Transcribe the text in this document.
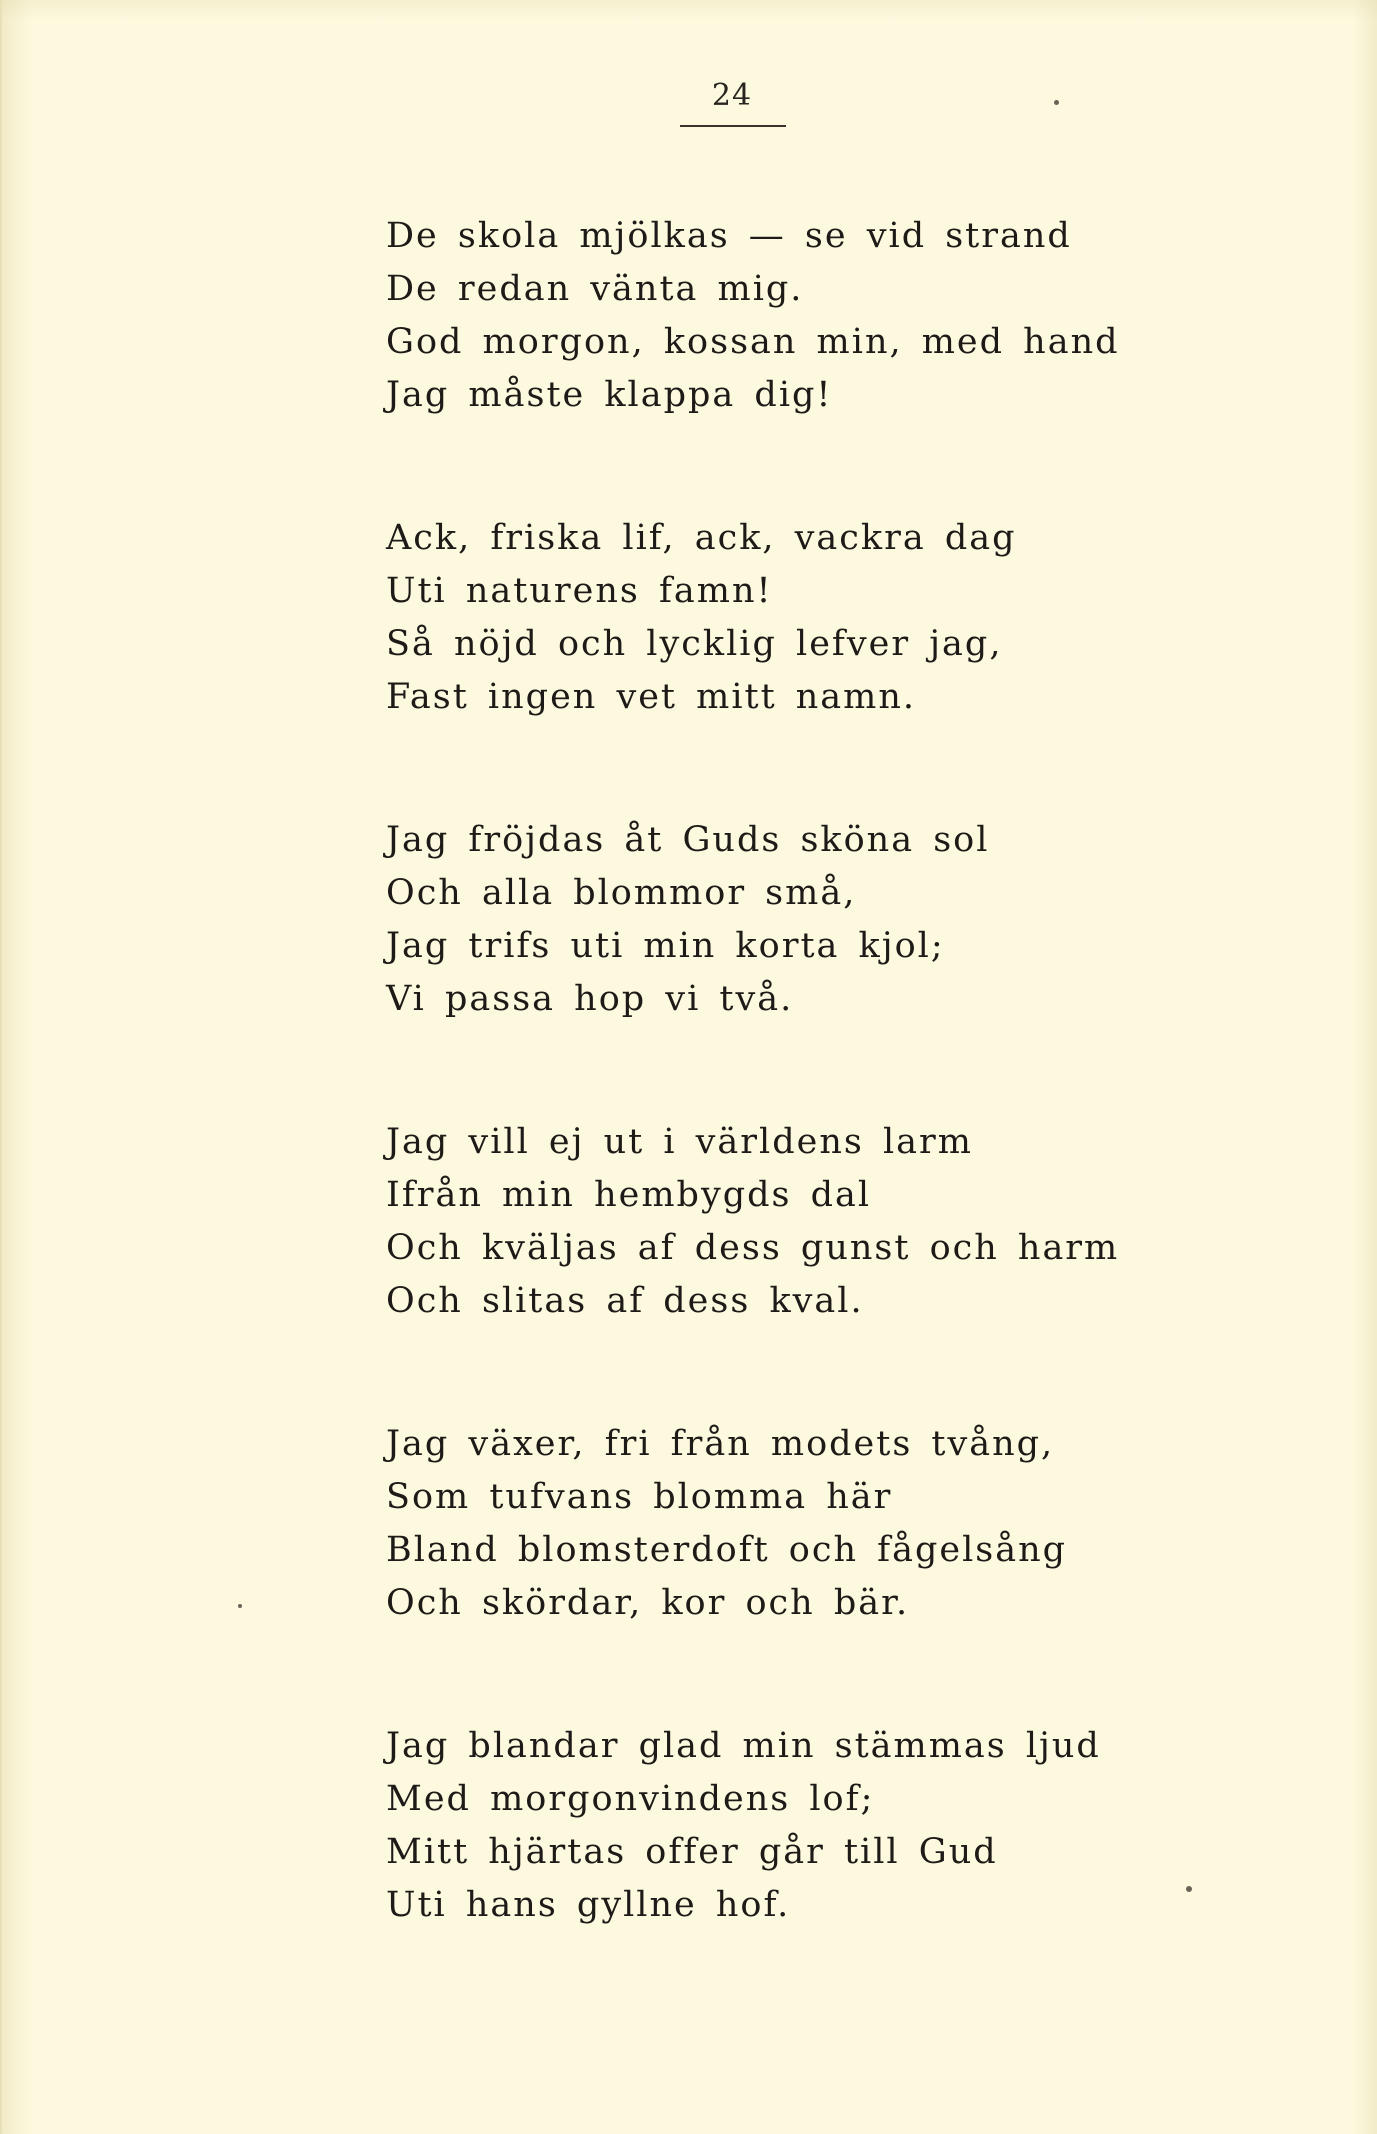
24
De skola mjölkas — se vid strand
De redan vänta mig.
God morgon, kossan min, med hand
Jag måste klappa dig!
Ack, friska lif, ack, vackra dag
Uti naturens famn!
Så nöjd och lycklig lefver jag,
Fast ingen vet mitt namn.
Jag fröjdas åt Guds sköna sol
Och alla blommor små,
Jag trifs uti min korta kjol;
Vi passa hop vi två.
Jag vill ej ut i världens larm
Ifrån min hembygds dal
Och kväljas af dess gunst och harm
Och slitas af dess kval.
Jag växer, fri från modets tvång,
Som tufvans blomma här
Bland blomsterdoft och fågelsång
Och skördar, kor och bär.
Jag blandar glad min stämmas ljud
Med morgonvindens lof;
Mitt hjärtas offer går till Gud
Uti hans gyllne hof.
